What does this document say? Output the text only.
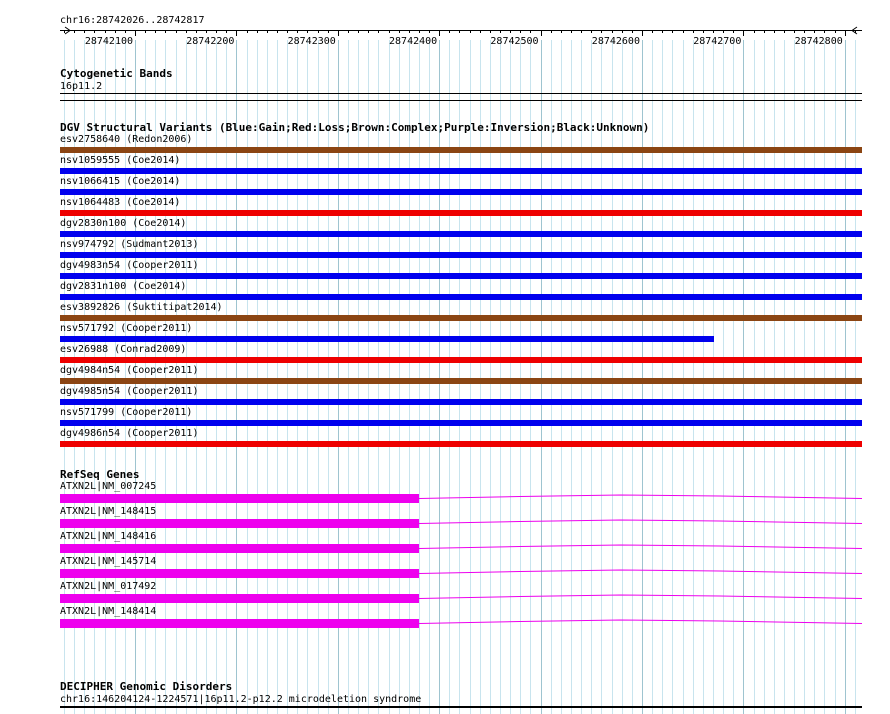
chr16:28742026..28742817
28742100	28742200	28742300	28742400	28742500	28742600	28742700	28742800
Cytogenetic Bands
16p11.2
DGV Structural Variants (Blue:Gain;Red:Loss;Brown:Complex;Purple:Inversion;Black:Unknown)
esv2758640 (Redon2006)
nsv1059555 (Coe2014)
nsv1066415 (Coe2014)
nsv1064483 (Coe2014)
dgv2830n100 (Coe2014)
nsv974792 (Sudmant2013)
dgv4983n54 (Cooper2011)
dgv2831n100 (Coe2014)
esv3892826 (Suktitipat2014)
nsv571792 (Cooper2011)
esv26988 (Conrad2009)
dgv4984n54 (Cooper2011)
dgv4985n54 (Cooper2011)
nsv571799 (Cooper2011)
dgv4986n54 (Cooper2011)
RefSeq Genes
ATXN2L|NM_007245
ATXN2L|NM_148415
ATXN2L|NM_148416
ATXN2L|NM_145714
ATXN2L|NM_017492
ATXN2L|NM_148414
DECIPHER Genomic Disorders
chr16:146204124-1224571|16p11.2-p12.2 microdeletion syndrome
